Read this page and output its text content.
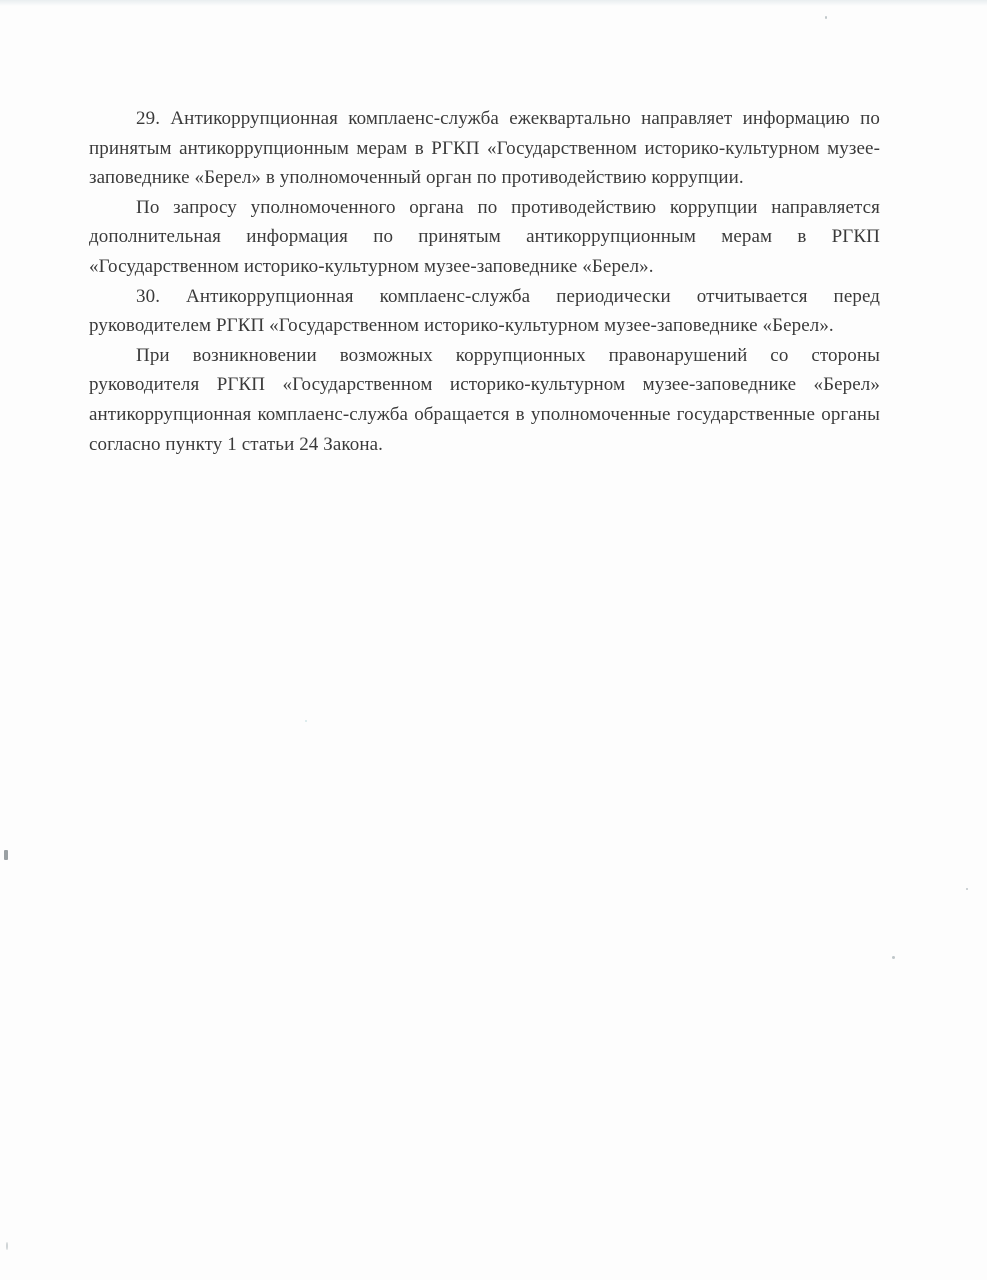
29. Антикоррупционная комплаенс-служба ежеквартально направляет информацию по принятым антикоррупционным мерам в РГКП «Государственном историко-культурном музее-заповеднике «Берел» в уполномоченный орган по противодействию коррупции.

По запросу уполномоченного органа по противодействию коррупции направляется дополнительная информация по принятым антикоррупционным мерам в РГКП «Государственном историко-культурном музее-заповеднике «Берел».

30. Антикоррупционная комплаенс-служба периодически отчитывается перед руководителем РГКП «Государственном историко-культурном музее-заповеднике «Берел».

При возникновении возможных коррупционных правонарушений со стороны руководителя РГКП «Государственном историко-культурном музее-заповеднике «Берел» антикоррупционная комплаенс-служба обращается в уполномоченные государственные органы согласно пункту 1 статьи 24 Закона.
